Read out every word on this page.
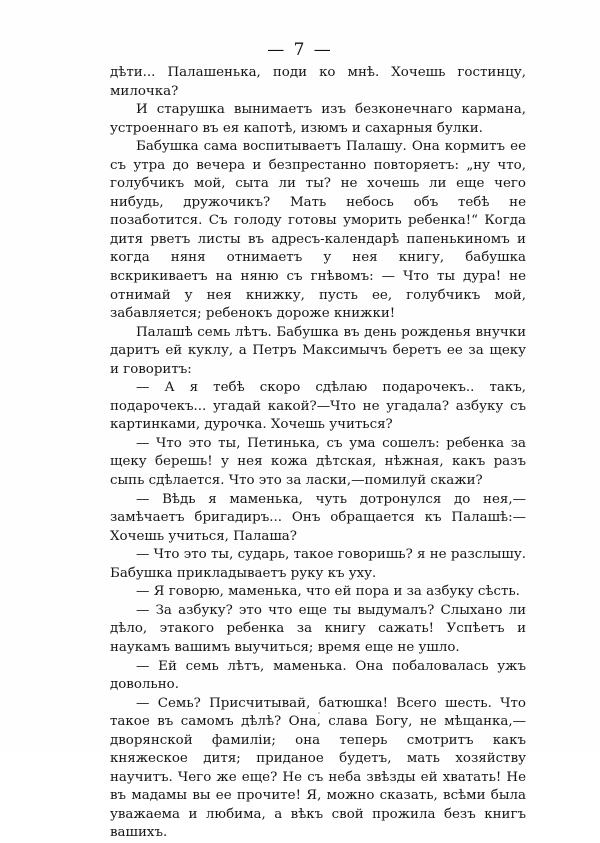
— 7 —

дѣти... Палашенька, поди ко мнѣ. Хочешь гостинцу, милочка?

И старушка вынимаетъ изъ безконечнаго кармана, устроеннаго въ ея капотѣ, изюмъ и сахарныя булки.

Бабушка сама воспитываетъ Палашу. Она кормитъ ее съ утра до вечера и безпрестанно повторяетъ: „ну что, голубчикъ мой, сыта ли ты? не хочешь ли еще чего нибудь, дружочикъ? Мать небось объ тебѣ не позаботится. Съ голоду готовы уморить ребенка!“ Когда дитя рветъ листы въ адресъ-календарѣ папенькиномъ и когда няня отнимаетъ у нея книгу, бабушка вскрикиваетъ на няню съ гнѣвомъ: — Что ты дура! не отнимай у нея книжку, пусть ее, голубчикъ мой, забавляется; ребенокъ дороже книжки!

Палашѣ семь лѣтъ. Бабушка въ день рожденья внучки даритъ ей куклу, а Петръ Максимычъ беретъ ее за щеку и говоритъ:

— А я тебѣ скоро сдѣлаю подарочекъ.. такъ, подарочекъ... угадай какой?—Что не угадала? азбуку съ картинками, дурочка. Хочешь учиться?

— Что это ты, Петинька, съ ума сошелъ: ребенка за щеку берешь! у нея кожа дѣтская, нѣжная, какъ разъ сыпь сдѣлается. Что это за ласки,—помилуй скажи?

— Вѣдь я маменька, чуть дотронулся до нея,—замѣчаетъ бригадиръ... Онъ обращается къ Палашѣ:—Хочешь учиться, Палаша?

— Что это ты, сударь, такое говоришь? я не разслышу. Бабушка прикладываетъ руку къ уху.

— Я говорю, маменька, что ей пора и за азбуку сѣсть.

— За азбуку? это что еще ты выдумалъ? Слыхано ли дѣло, этакого ребенка за книгу сажать! Успѣетъ и наукамъ вашимъ выучиться; время еще не ушло.

— Ей семь лѣтъ, маменька. Она побаловалась ужъ довольно.

— Семь? Присчитывай, батюшка! Всего шесть. Что такое въ самомъ дѣлѣ? Она, слава Богу, не мѣщанка,—дворянской фамиліи; она теперь смотритъ какъ княжеское дитя; приданое будетъ, мать хозяйству научитъ. Чего же еще? Не съ неба звѣзды ей хватать! Не въ мадамы вы ее прочите! Я, можно сказать, всѣми была уважаема и любима, а вѣкъ свой прожила безъ книгъ вашихъ.
